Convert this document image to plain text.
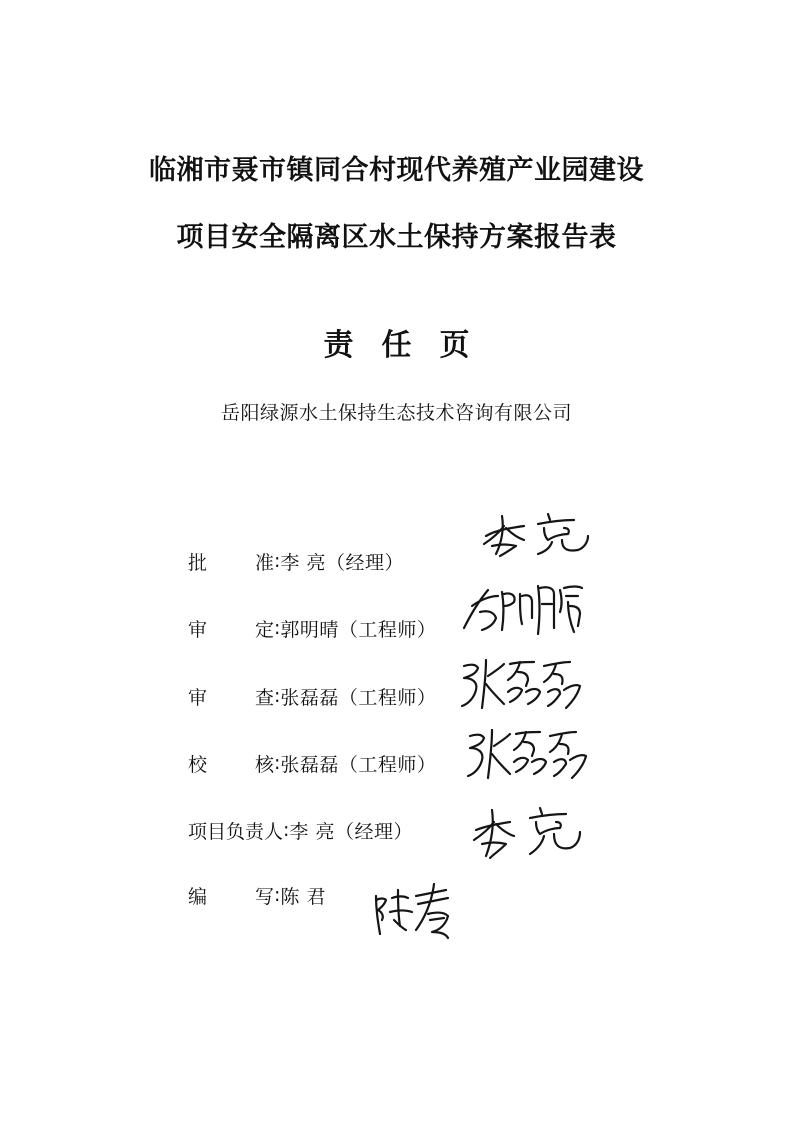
临湘市聂市镇同合村现代养殖产业园建设
项目安全隔离区水土保持方案报告表
责任页
岳阳绿源水土保持生态技术咨询有限公司
批	准 : 李 亮（经理）
审	定 : 郭明晴（工程师）
审	查 : 张磊磊（工程师）
校	核 : 张磊磊（工程师）
项目负责人 : 李 亮（经理）
编	写 : 陈 君
